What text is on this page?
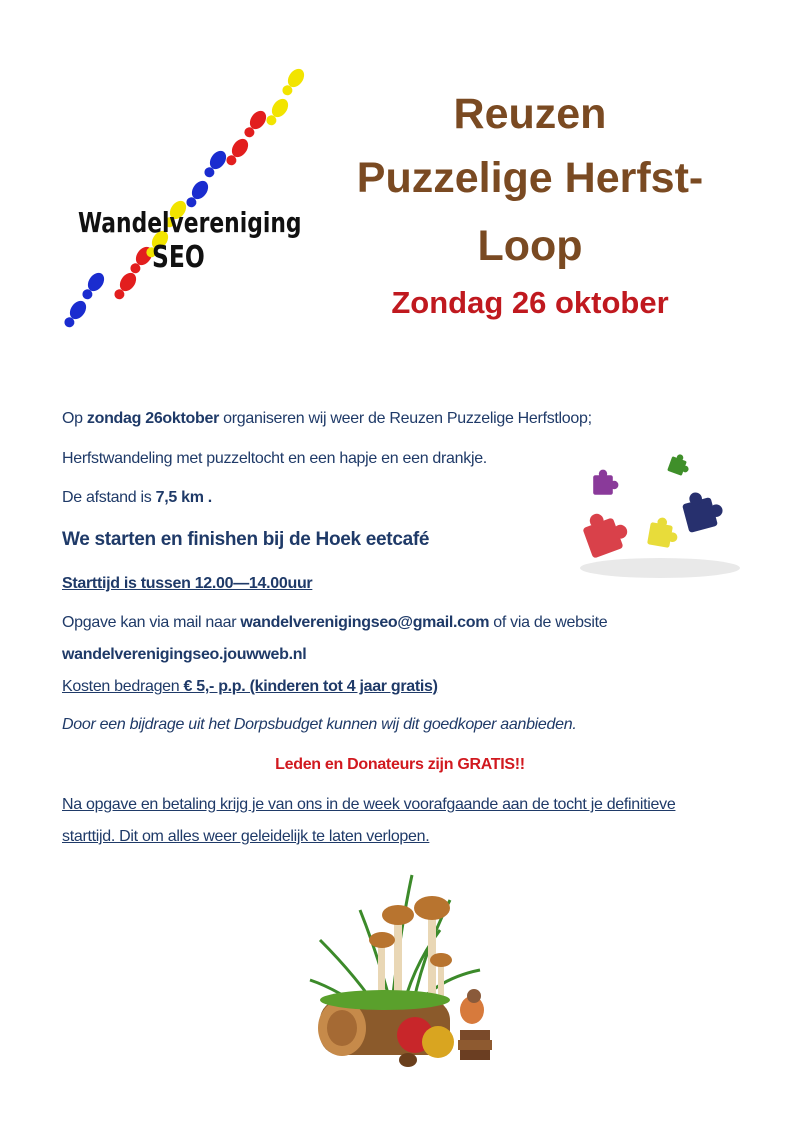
Wandelvereniging
SEO
Reuzen
Puzzelige Herfst-
Loop
Zondag 26 oktober
Op zondag 26oktober organiseren wij weer de Reuzen Puzzelige Herfstloop;
Herfstwandeling met puzzeltocht en een hapje en een drankje.
De afstand is 7,5 km .
We starten en finishen bij de Hoek eetcafé
Starttijd is tussen 12.00—14.00uur
Opgave kan via mail naar wandelverenigingseo@gmail.com of via de website
wandelverenigingseo.jouwweb.nl
Kosten bedragen € 5,- p.p. (kinderen tot 4 jaar gratis)
Door een bijdrage uit het Dorpsbudget kunnen wij dit goedkoper aanbieden.
Leden en Donateurs zijn GRATIS!!
Na opgave en betaling krijg je van ons in de week voorafgaande aan de tocht je definitieve
starttijd. Dit om alles weer geleidelijk te laten verlopen.
